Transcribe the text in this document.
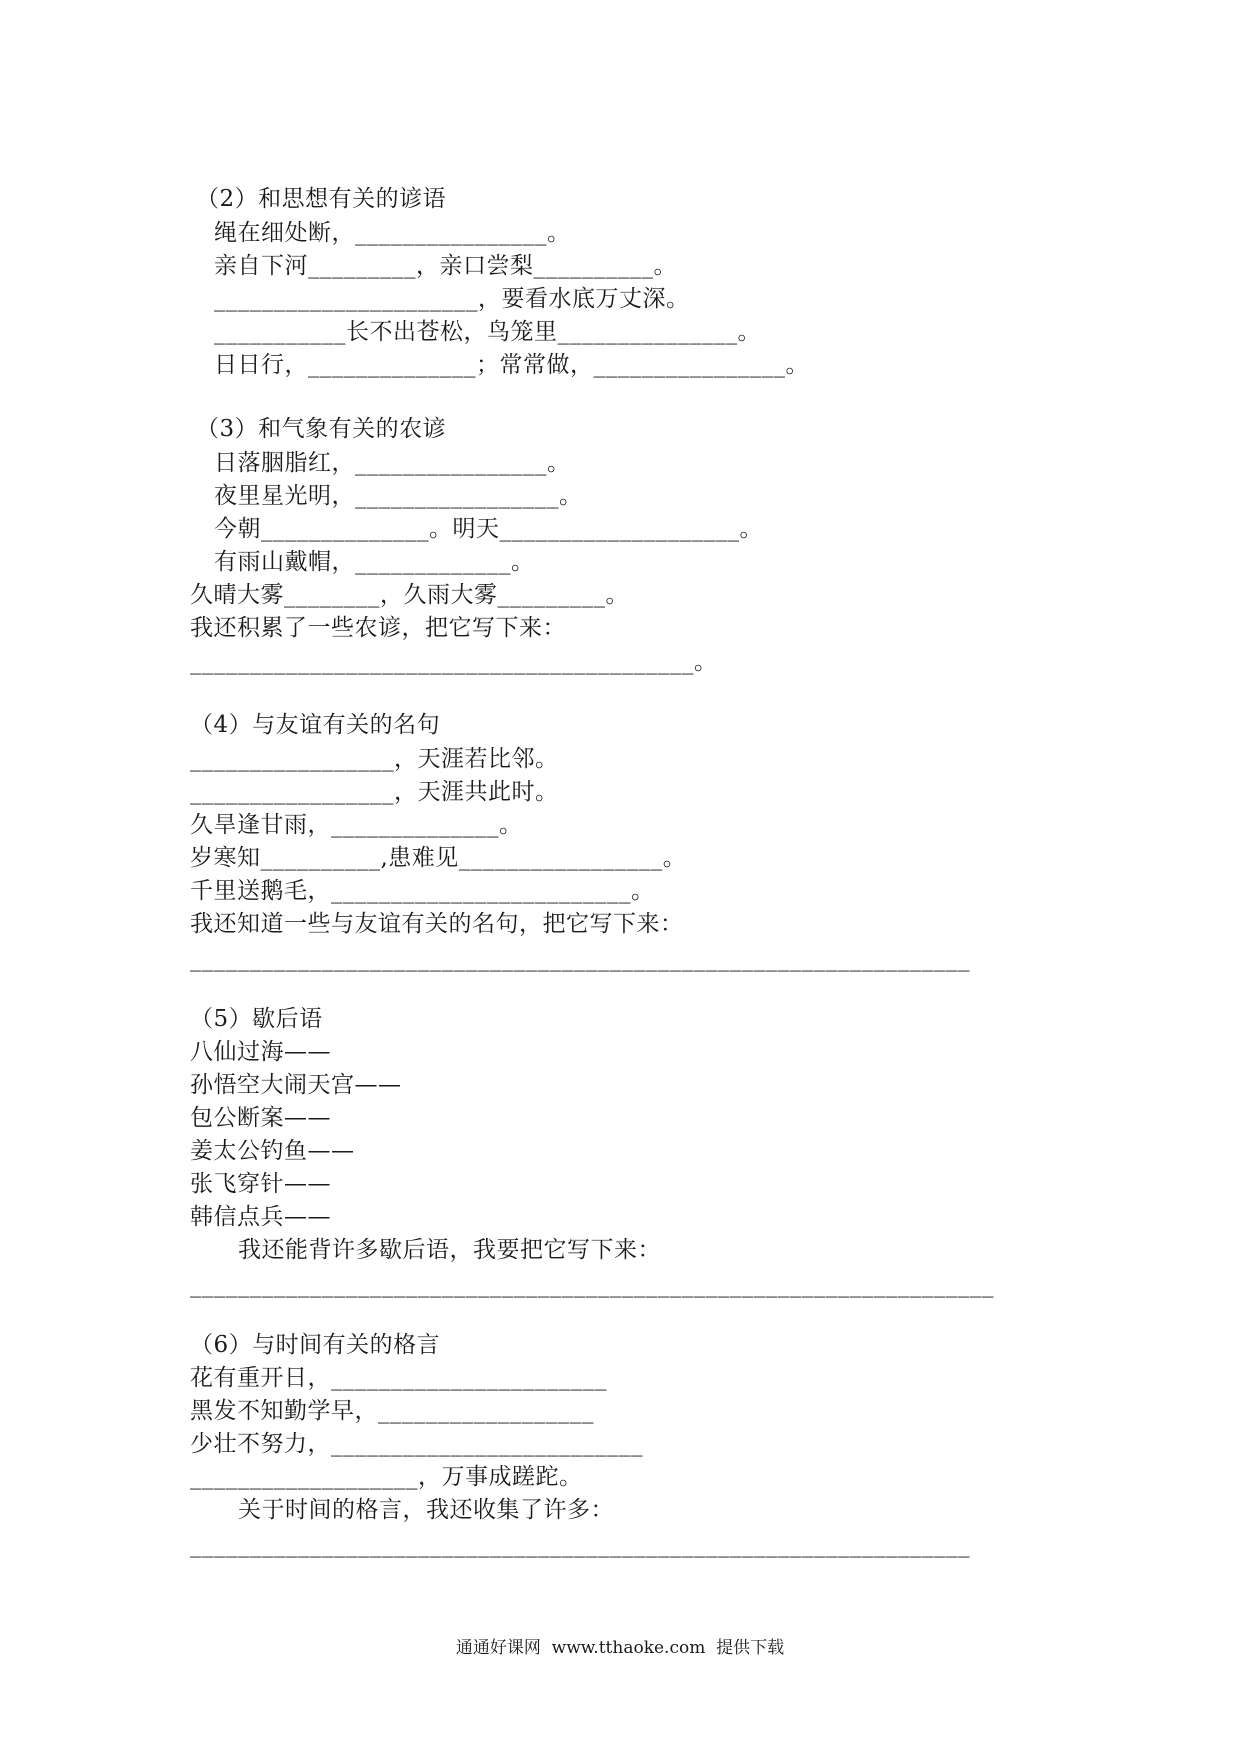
（2）和思想有关的谚语
绳在细处断，________________。
亲自下河_________，亲口尝梨__________。
______________________，要看水底万丈深。
___________长不出苍松，鸟笼里_______________。
日日行，______________；常常做，________________。
（3）和气象有关的农谚
日落胭脂红，________________。
夜里星光明，_________________。
今朝______________。明天____________________。
有雨山戴帽，_____________。
久晴大雾________，久雨大雾_________。
我还积累了一些农谚，把它写下来：
__________________________________________。
（4）与友谊有关的名句
_________________，天涯若比邻。
_________________，天涯共此时。
久旱逢甘雨，______________。
岁寒知__________,患难见_________________。
千里送鹅毛，_________________________。
我还知道一些与友谊有关的名句，把它写下来：
_________________________________________________________________
（5）歇后语
八仙过海——
孙悟空大闹天宫——
包公断案——
姜太公钓鱼——
张飞穿针——
韩信点兵——
我还能背许多歇后语，我要把它写下来：
___________________________________________________________________
（6）与时间有关的格言
花有重开日，_______________________
黑发不知勤学早，__________________
少壮不努力，__________________________
___________________，万事成蹉跎。
关于时间的格言，我还收集了许多：
_________________________________________________________________
通通好课网  www.tthaoke.com  提供下载
